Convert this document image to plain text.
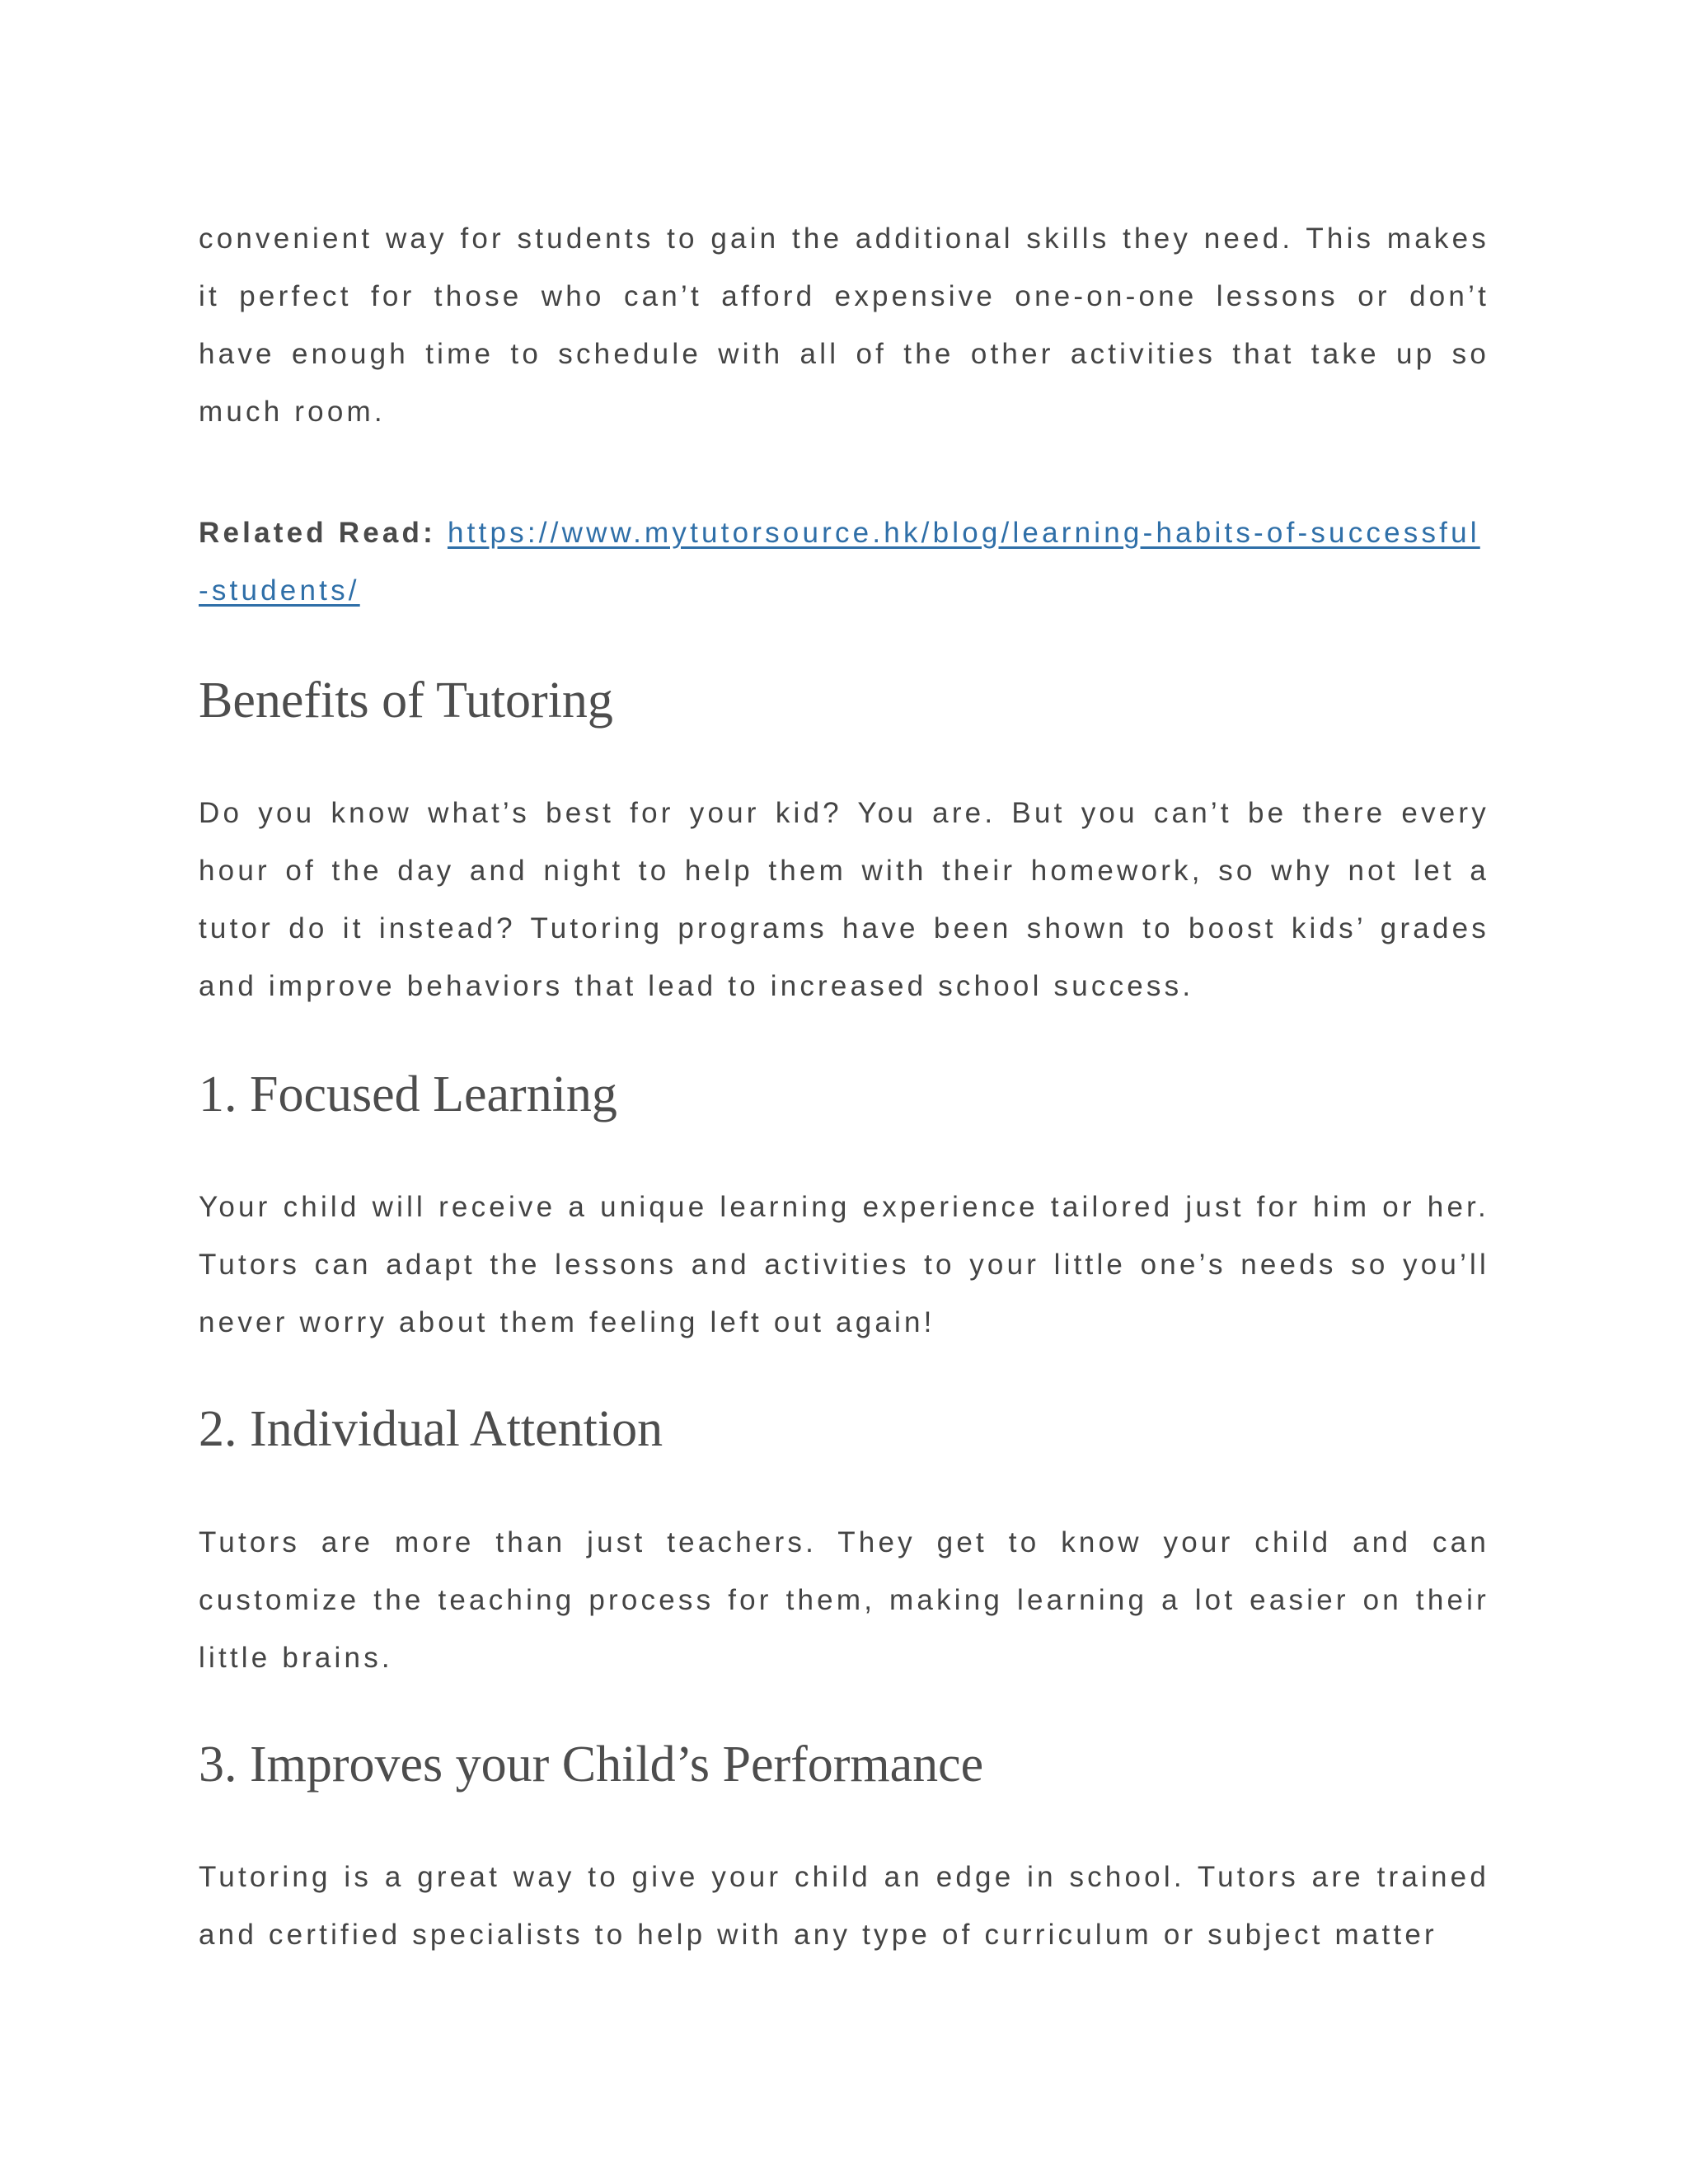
convenient way for students to gain the additional skills they need. This makes it perfect for those who can’t afford expensive one-on-one lessons or don’t have enough time to schedule with all of the other activities that take up so much room.

Related Read: https://www.mytutorsource.hk/blog/learning-habits-of-successful-students/

Benefits of Tutoring

Do you know what’s best for your kid? You are. But you can’t be there every hour of the day and night to help them with their homework, so why not let a tutor do it instead? Tutoring programs have been shown to boost kids’ grades and improve behaviors that lead to increased school success.

1. Focused Learning

Your child will receive a unique learning experience tailored just for him or her. Tutors can adapt the lessons and activities to your little one’s needs so you’ll never worry about them feeling left out again!

2. Individual Attention

Tutors are more than just teachers. They get to know your child and can customize the teaching process for them, making learning a lot easier on their little brains.

3. Improves your Child’s Performance

Tutoring is a great way to give your child an edge in school. Tutors are trained and certified specialists to help with any type of curriculum or subject matter
